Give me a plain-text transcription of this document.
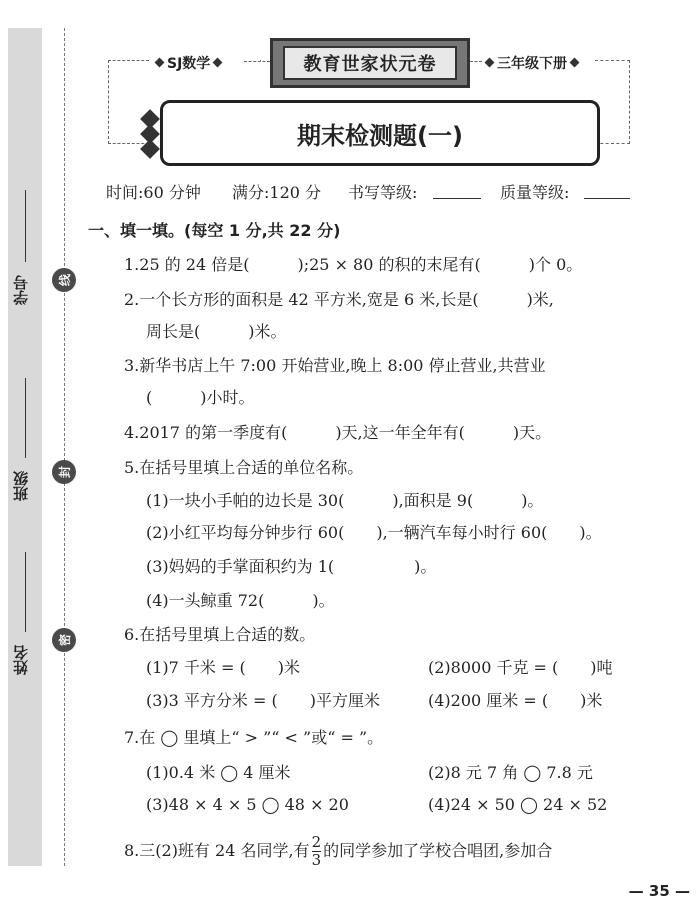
学号
班级
姓名
线
封
密
SJ数学	教育世家状元卷	三年级下册
期末检测题(一)
时间:60 分钟 满分:120 分 书写等级:	质量等级:
一、填一填。(每空 1 分,共 22 分)
1.25 的 24 倍是(　　　);25 × 80 的积的末尾有(　　　)个 0。
2.一个长方形的面积是 42 平方米,宽是 6 米,长是(　　　)米,
周长是(　　　)米。
3.新华书店上午 7:00 开始营业,晚上 8:00 停止营业,共营业
(　　　)小时。
4.2017 的第一季度有(　　　)天,这一年全年有(　　　)天。
5.在括号里填上合适的单位名称。
(1)一块小手帕的边长是 30(　　　),面积是 9(　　　)。
(2)小红平均每分钟步行 60(　　),一辆汽车每小时行 60(　　)。
(3)妈妈的手掌面积约为 1(　　　　　)。
(4)一头鲸重 72(　　　)。
6.在括号里填上合适的数。
(1)7 千米 = (　　)米	(2)8000 千克 = (　　)吨
(3)3 平方分米 = (　　)平方厘米	(4)200 厘米 = (　　)米
7.在 ◯ 里填上“ > ”“ < ”或“ = ”。
(1)0.4 米 ◯ 4 厘米	(2)8 元 7 角 ◯ 7.8 元
(3)48 × 4 × 5 ◯ 48 × 20	(4)24 × 50 ◯ 24 × 52
8.三(2)班有 24 名同学,有 $\frac{2}{3}$ 的同学参加了学校合唱团,参加合
— 35 —
